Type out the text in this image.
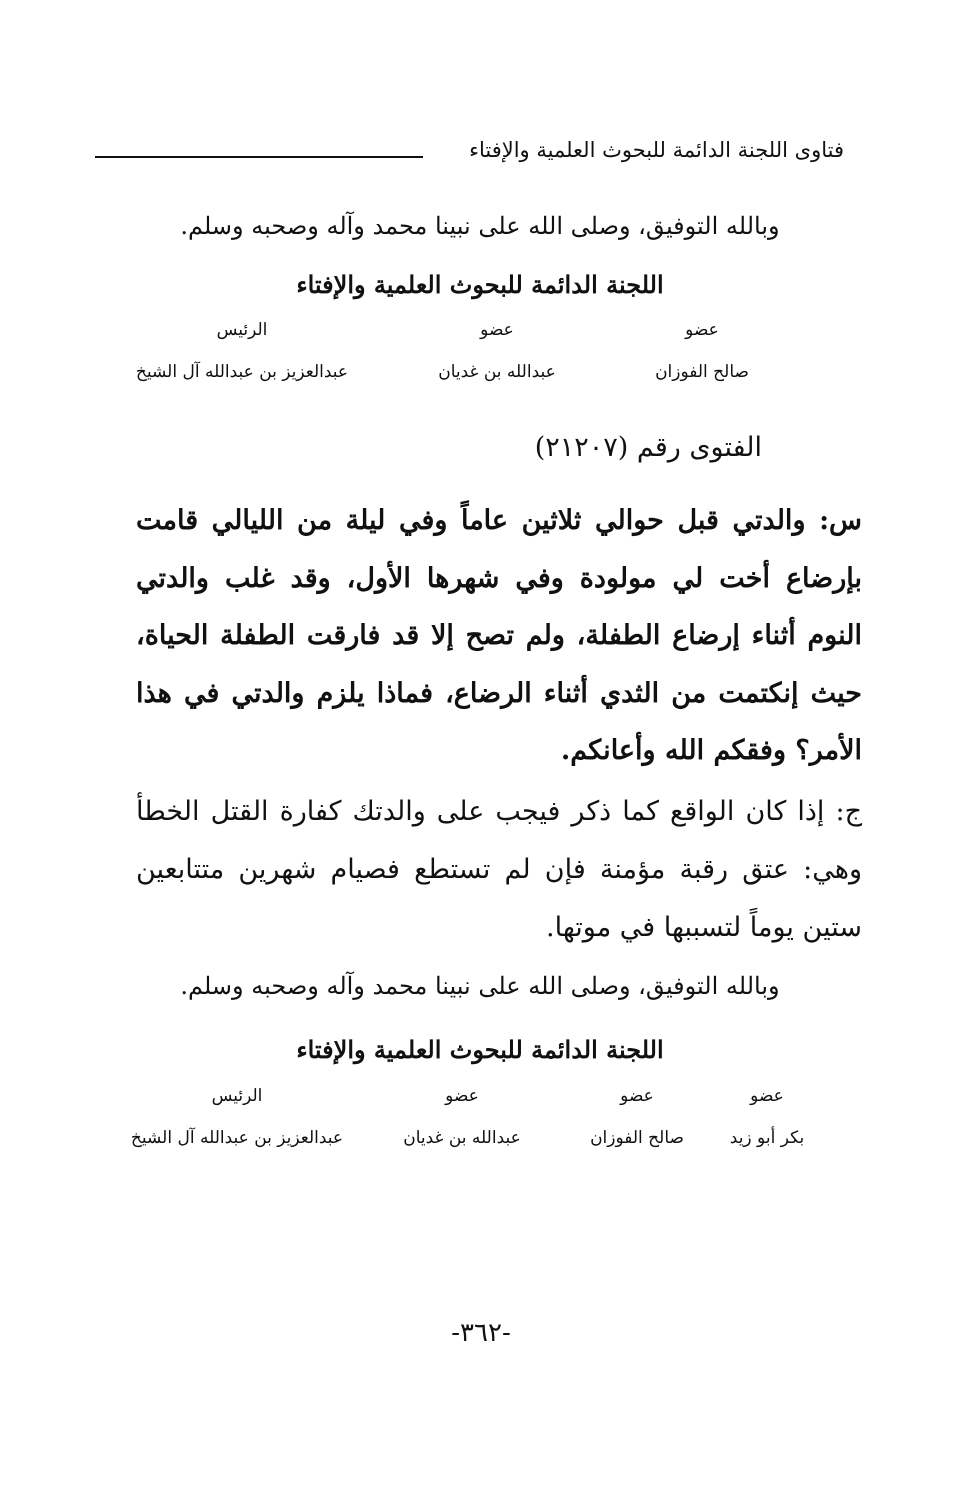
فتاوى اللجنة الدائمة للبحوث العلمية والإفتاء
وبالله التوفيق، وصلى الله على نبينا محمد وآله وصحبه وسلم.
اللجنة الدائمة للبحوث العلمية والإفتاء
عضو
صالح الفوزان
عضو
عبدالله بن غديان
الرئيس
عبدالعزيز بن عبدالله آل الشيخ
الفتوى رقم (٢١٢٠٧)
س: والدتي قبل حوالي ثلاثين عاماً وفي ليلة من الليالي قامت بإرضاع أخت لي مولودة وفي شهرها الأول، وقد غلب والدتي النوم أثناء إرضاع الطفلة، ولم تصح إلا قد فارقت الطفلة الحياة، حيث إنكتمت من الثدي أثناء الرضاع، فماذا يلزم والدتي في هذا الأمر؟ وفقكم الله وأعانكم.
ج: إذا كان الواقع كما ذكر فيجب على والدتك كفارة القتل الخطأ وهي: عتق رقبة مؤمنة فإن لم تستطع فصيام شهرين متتابعين ستين يوماً لتسببها في موتها.
وبالله التوفيق، وصلى الله على نبينا محمد وآله وصحبه وسلم.
اللجنة الدائمة للبحوث العلمية والإفتاء
عضو
بكر أبو زيد
عضو
صالح الفوزان
عضو
عبدالله بن غديان
الرئيس
عبدالعزيز بن عبدالله آل الشيخ
-٣٦٢-
